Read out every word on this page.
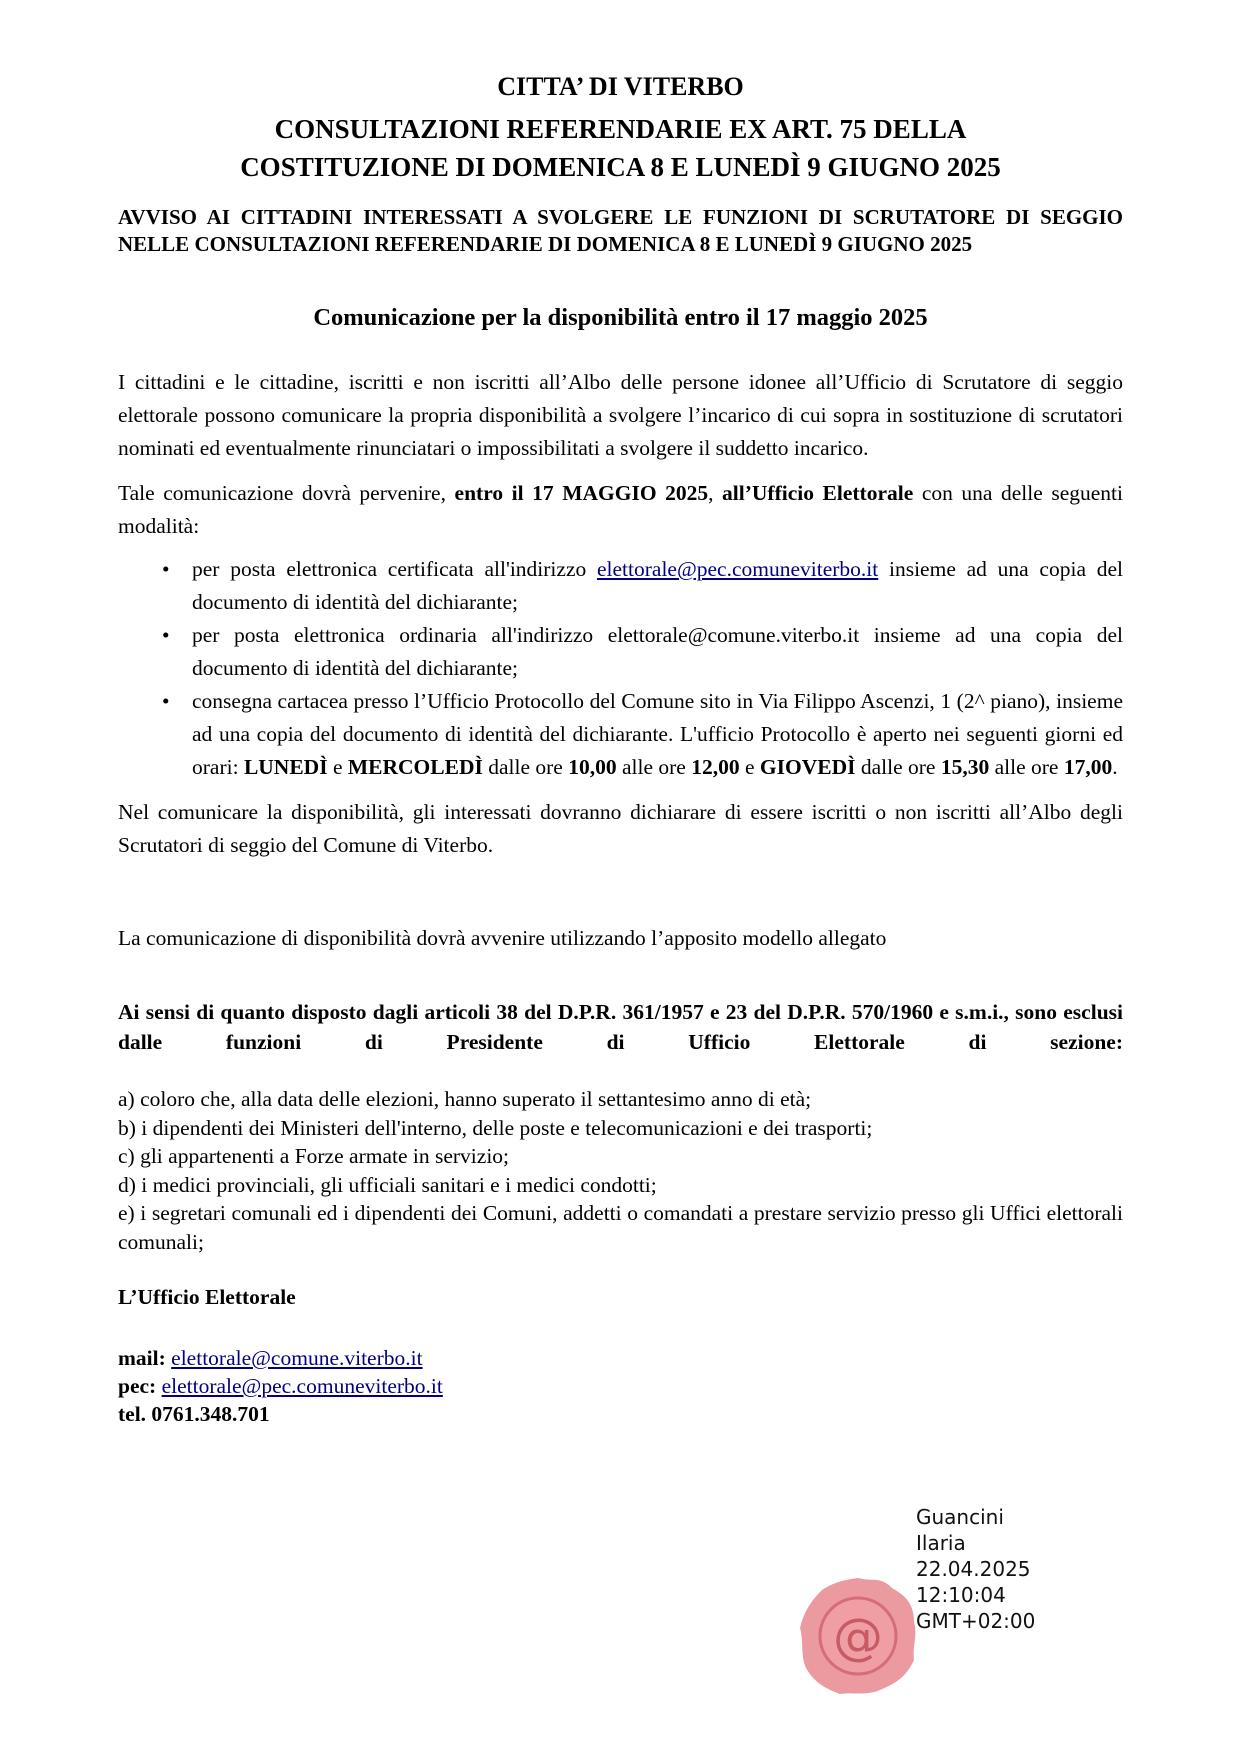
CITTA’ DI VITERBO
CONSULTAZIONI REFERENDARIE EX ART. 75 DELLA
COSTITUZIONE DI DOMENICA 8 E LUNEDÌ 9 GIUGNO 2025

AVVISO AI CITTADINI INTERESSATI A SVOLGERE LE FUNZIONI DI SCRUTATORE DI SEGGIO NELLE CONSULTAZIONI REFERENDARIE DI DOMENICA 8 E LUNEDÌ 9 GIUGNO 2025

Comunicazione per la disponibilità entro il 17 maggio 2025

I cittadini e le cittadine, iscritti e non iscritti all’Albo delle persone idonee all’Ufficio di Scrutatore di seggio elettorale possono comunicare la propria disponibilità a svolgere l’incarico di cui sopra in sostituzione di scrutatori nominati ed eventualmente rinunciatari o impossibilitati a svolgere il suddetto incarico.

Tale comunicazione dovrà pervenire, entro il 17 MAGGIO 2025, all’Ufficio Elettorale con una delle seguenti modalità:

• per posta elettronica certificata all'indirizzo elettorale@pec.comuneviterbo.it insieme ad una copia del documento di identità del dichiarante;
• per posta elettronica ordinaria all'indirizzo elettorale@comune.viterbo.it insieme ad una copia del documento di identità del dichiarante;
• consegna cartacea presso l’Ufficio Protocollo del Comune sito in Via Filippo Ascenzi, 1 (2^ piano), insieme ad una copia del documento di identità del dichiarante. L'ufficio Protocollo è aperto nei seguenti giorni ed orari: LUNEDÌ e MERCOLEDÌ dalle ore 10,00 alle ore 12,00 e GIOVEDÌ dalle ore 15,30 alle ore 17,00.

Nel comunicare la disponibilità, gli interessati dovranno dichiarare di essere iscritti o non iscritti all’Albo degli Scrutatori di seggio del Comune di Viterbo.

La comunicazione di disponibilità dovrà avvenire utilizzando l’apposito modello allegato

Ai sensi di quanto disposto dagli articoli 38 del D.P.R. 361/1957 e 23 del D.P.R. 570/1960 e s.m.i., sono esclusi dalle funzioni di Presidente di Ufficio Elettorale di sezione:

a) coloro che, alla data delle elezioni, hanno superato il settantesimo anno di età;
b) i dipendenti dei Ministeri dell'interno, delle poste e telecomunicazioni e dei trasporti;
c) gli appartenenti a Forze armate in servizio;
d) i medici provinciali, gli ufficiali sanitari e i medici condotti;
e) i segretari comunali ed i dipendenti dei Comuni, addetti o comandati a prestare servizio presso gli Uffici elettorali comunali;

L’Ufficio Elettorale

mail: elettorale@comune.viterbo.it
pec: elettorale@pec.comuneviterbo.it
tel. 0761.348.701
@
Guancini
Ilaria
22.04.2025
12:10:04
GMT+02:00
